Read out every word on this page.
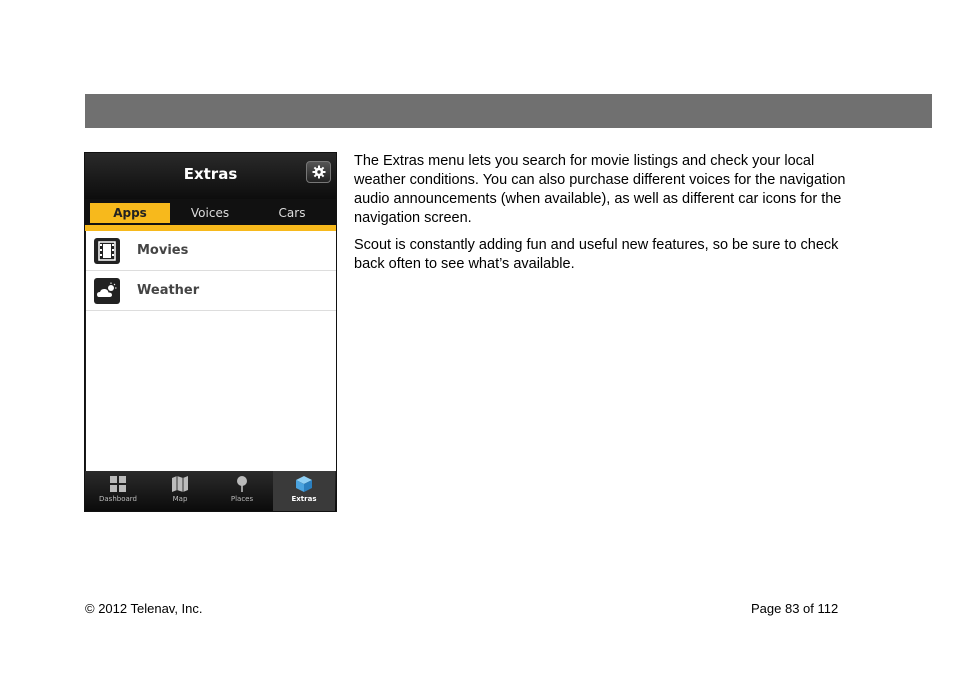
Extras
Apps	Voices	Cars
Movies
Weather
Dashboard	Map	Places	Extras

The Extras menu lets you search for movie listings and check your local weather conditions. You can also purchase different voices for the navigation audio announcements (when available), as well as different car icons for the navigation screen.

Scout is constantly adding fun and useful new features, so be sure to check back often to see what’s available.

© 2012 Telenav, Inc.	Page 83 of 112
